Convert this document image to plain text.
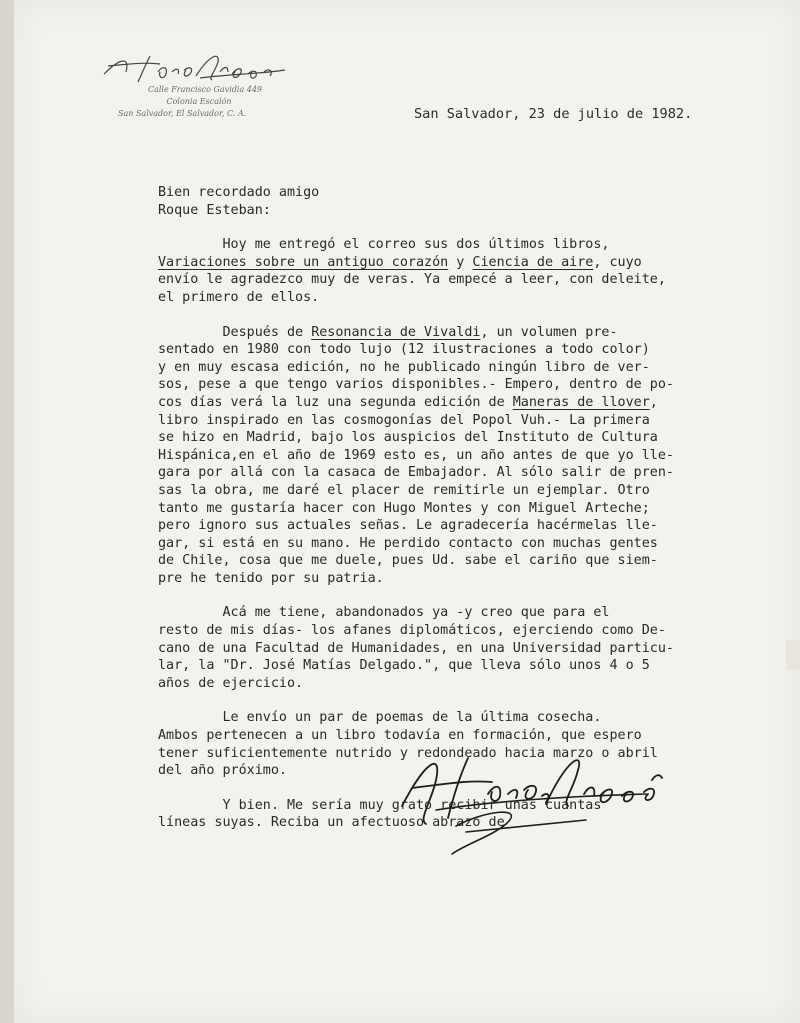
Calle Francisco Gavidia 449
Colonia Escalón
San Salvador, El Salvador, C. A.	San Salvador, 23 de julio de 1982.

Bien recordado amigo

Roque Esteban:

Hoy me entregó el correo sus dos últimos libros,

Variaciones sobre un antiguo corazón y Ciencia de aire, cuyo

envío le agradezco muy de veras. Ya empecé a leer, con deleite,

el primero de ellos.

Después de Resonancia de Vivaldi, un volumen pre-

sentado en 1980 con todo lujo (12 ilustraciones a todo color)

y en muy escasa edición, no he publicado ningún libro de ver-

sos, pese a que tengo varios disponibles.- Empero, dentro de po-

cos días verá la luz una segunda edición de Maneras de llover,

libro inspirado en las cosmogonías del Popol Vuh.- La primera

se hizo en Madrid, bajo los auspicios del Instituto de Cultura

Hispánica,en el año de 1969 esto es, un año antes de que yo lle-

gara por allá con la casaca de Embajador. Al sólo salir de pren-

sas la obra, me daré el placer de remitirle un ejemplar. Otro

tanto me gustaría hacer con Hugo Montes y con Miguel Arteche;

pero ignoro sus actuales señas. Le agradecería hacérmelas lle-

gar, si está en su mano. He perdido contacto con muchas gentes

de Chile, cosa que me duele, pues Ud. sabe el cariño que siem-

pre he tenido por su patria.

Acá me tiene, abandonados ya -y creo que para el

resto de mis días- los afanes diplomáticos, ejerciendo como De-

cano de una Facultad de Humanidades, en una Universidad particu-

lar, la "Dr. José Matías Delgado.", que lleva sólo unos 4 o 5

años de ejercicio.

Le envío un par de poemas de la última cosecha.

Ambos pertenecen a un libro todavía en formación, que espero

tener suficientemente nutrido y redondeado hacia marzo o abril

del año próximo.

Y bien. Me sería muy grato recibir unas cuantas

líneas suyas. Reciba un afectuoso abrazo de
